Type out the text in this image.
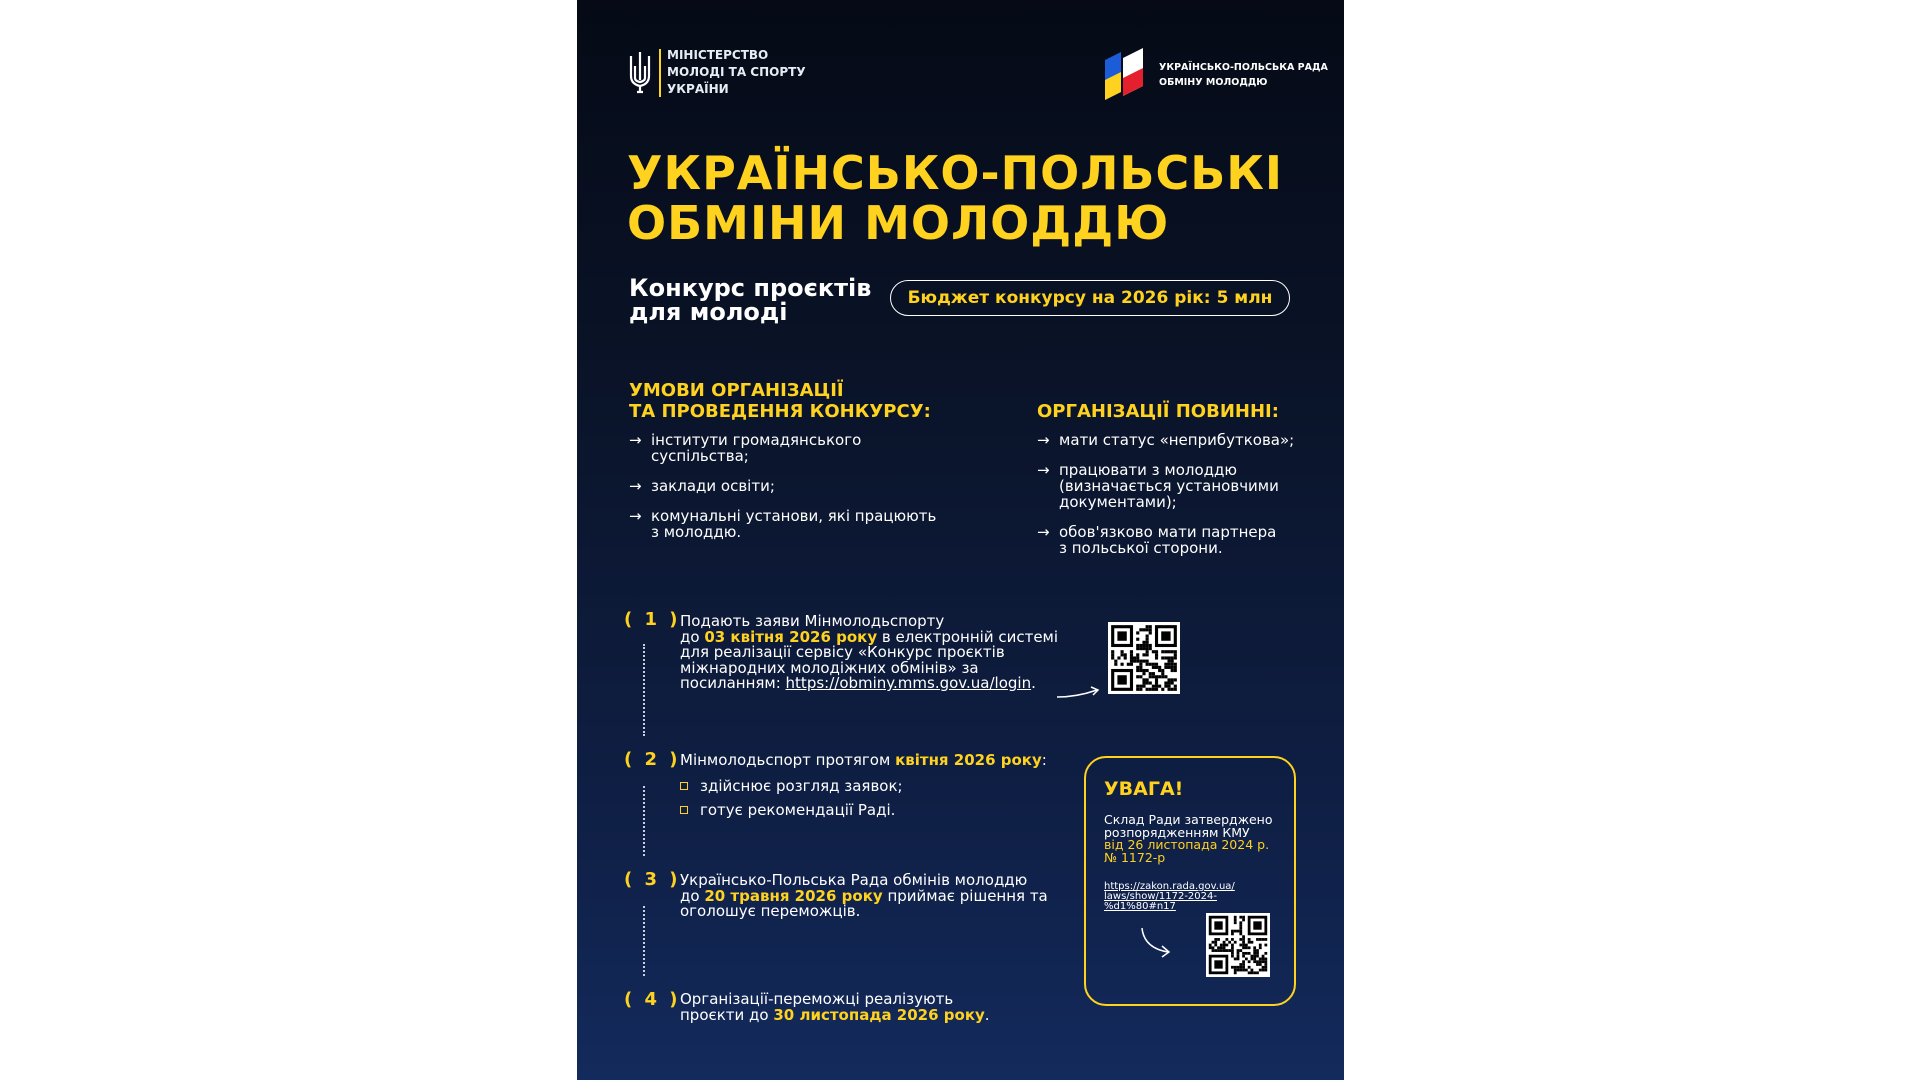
МІНІСТЕРСТВО
МОЛОДІ ТА СПОРТУ
УКРАЇНИ
УКРАЇНСЬКО-ПОЛЬСЬКА РАДА
ОБМІНУ МОЛОДДЮ
УКРАЇНСЬКО-ПОЛЬСЬКІ
ОБМІНИ МОЛОДДЮ
Конкурс проєктів
для молоді	Бюджет конкурсу на 2026 рік: 5 млн
УМОВИ ОРГАНІЗАЦІЇ
ТА ПРОВЕДЕННЯ КОНКУРСУ:
→ інститути громадянського
суспільства;
→ заклади освіти;
→ комунальні установи, які працюють
з молоддю.
ОРГАНІЗАЦІЇ ПОВИННІ:
→ мати статус «неприбуткова»;
→ працювати з молоддю
(визначається установчими
документами);
→ обов'язково мати партнера
з польської сторони.
( 1 ) Подають заяви Мінмолодьспорту
до 03 квітня 2026 року в електронній системі
для реалізації сервісу «Конкурс проєктів
міжнародних молодіжних обмінів» за
посиланням: https://obminy.mms.gov.ua/login.
( 2 ) Мінмолодьспорт протягом квітня 2026 року:
здійснює розгляд заявок;
готує рекомендації Раді.
( 3 ) Українсько-Польська Рада обмінів молоддю
до 20 травня 2026 року приймає рішення та
оголошує переможців.
( 4 ) Організації-переможці реалізують
проєкти до 30 листопада 2026 року.
УВАГА!
Склад Ради затверджено
розпорядженням КМУ
від 26 листопада 2024 р.
№ 1172-р
https://zakon.rada.gov.ua/
laws/show/1172-2024-
%d1%80#n17
